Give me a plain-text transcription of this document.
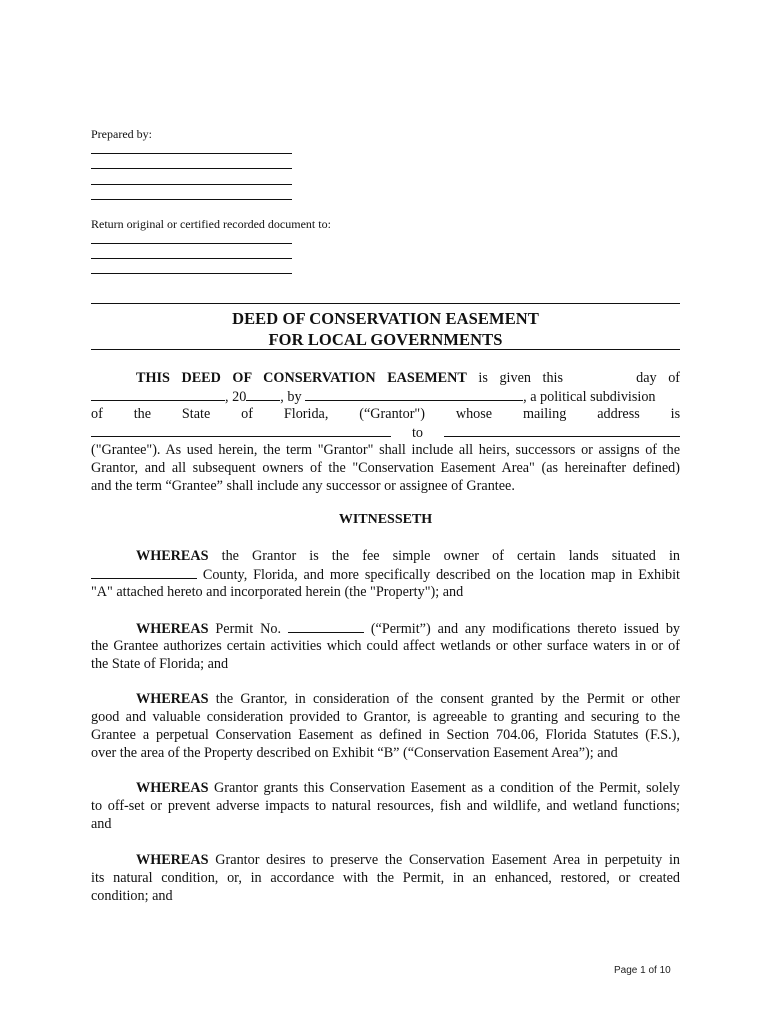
Prepared by:
Return original or certified recorded document to:
DEED OF CONSERVATION EASEMENT
FOR LOCAL GOVERNMENTS
THIS DEED OF CONSERVATION EASEMENT is given this	day of
, 20 , by	, a political subdivision
of the State of Florida, (“Grantor") whose mailing address is
to
("Grantee"). As used herein, the term "Grantor" shall include all heirs, successors or assigns of the
Grantor, and all subsequent owners of the "Conservation Easement Area" (as hereinafter defined)
and the term “Grantee” shall include any successor or assignee of Grantee.
WITNESSETH
WHEREAS the Grantor is the fee simple owner of certain lands situated in
County, Florida, and more specifically described on the location map in Exhibit
"A" attached hereto and incorporated herein (the "Property"); and
WHEREAS Permit No.	(“Permit”) and any modifications thereto issued by
the Grantee authorizes certain activities which could affect wetlands or other surface waters in or of
the State of Florida; and
WHEREAS the Grantor, in consideration of the consent granted by the Permit or other
good and valuable consideration provided to Grantor, is agreeable to granting and securing to the
Grantee a perpetual Conservation Easement as defined in Section 704.06, Florida Statutes (F.S.),
over the area of the Property described on Exhibit “B” (“Conservation Easement Area”); and
WHEREAS Grantor grants this Conservation Easement as a condition of the Permit, solely
to off-set or prevent adverse impacts to natural resources, fish and wildlife, and wetland functions;
and
WHEREAS Grantor desires to preserve the Conservation Easement Area in perpetuity in
its natural condition, or, in accordance with the Permit, in an enhanced, restored, or created
condition; and
Page 1 of 10
